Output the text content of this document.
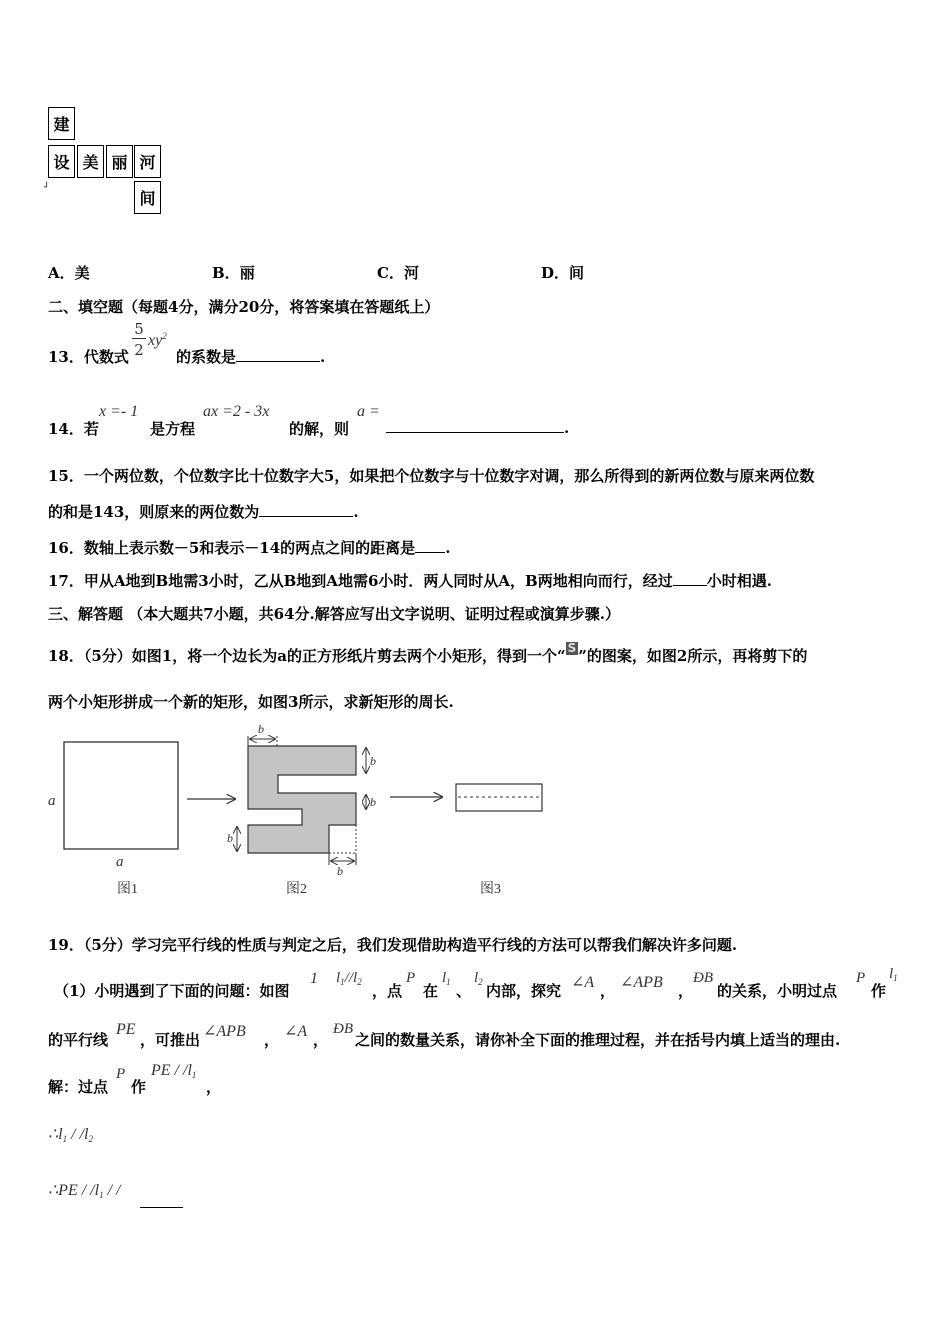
建
设 美 丽 河
间
┘
A．美	B．丽	C．河	D．间
二、填空题（每题4分，满分20分，将答案填在答题纸上）
13．代数式
5
2
$xy^2$
的系数是	.
14．若
x =- 1
是方程
ax =2 - 3x
的解，则
a =
.
15．一个两位数，个位数字比十位数字大5，如果把个位数字与十位数字对调，那么所得到的新两位数与原来两位数
的和是143，则原来的两位数为	.
16．数轴上表示数－5和表示－14的两点之间的距离是 .
17．甲从A地到B地需3小时，乙从B地到A地需6小时．两人同时从A，B两地相向而行，经过 小时相遇.
三、解答题 （本大题共7小题，共64分.解答应写出文字说明、证明过程或演算步骤.）
18．（5分）如图1，将一个边长为a的正方形纸片剪去两个小矩形，得到一个“ S ”的图案，如图2所示，再将剪下的
两个小矩形拼成一个新的矩形，如图3所示，求新矩形的周长.
a
a
b
b
b
b
b
图1	图2	图3
19．（5分）学习完平行线的性质与判定之后，我们发现借助构造平行线的方法可以帮我们解决许多问题.
（1）小明遇到了下面的问题：如图
1 $l_1//l_2$ ，点
P
在
$l_1$ 、
$l_2$ 内部，探究 ∠A ， ∠APB ，
ÐB
的关系，小明过点
P
作
$l_1$
的平行线
PE
，可推出 ∠APB ， ∠A ，
ÐB
之间的数量关系，请你补全下面的推理过程，并在括号内填上适当的理由.
解：过点
P
作
PE / $/l_1$
，
$\therefore l_1 / /l_2$
∴PE / $/l_1$ / /
